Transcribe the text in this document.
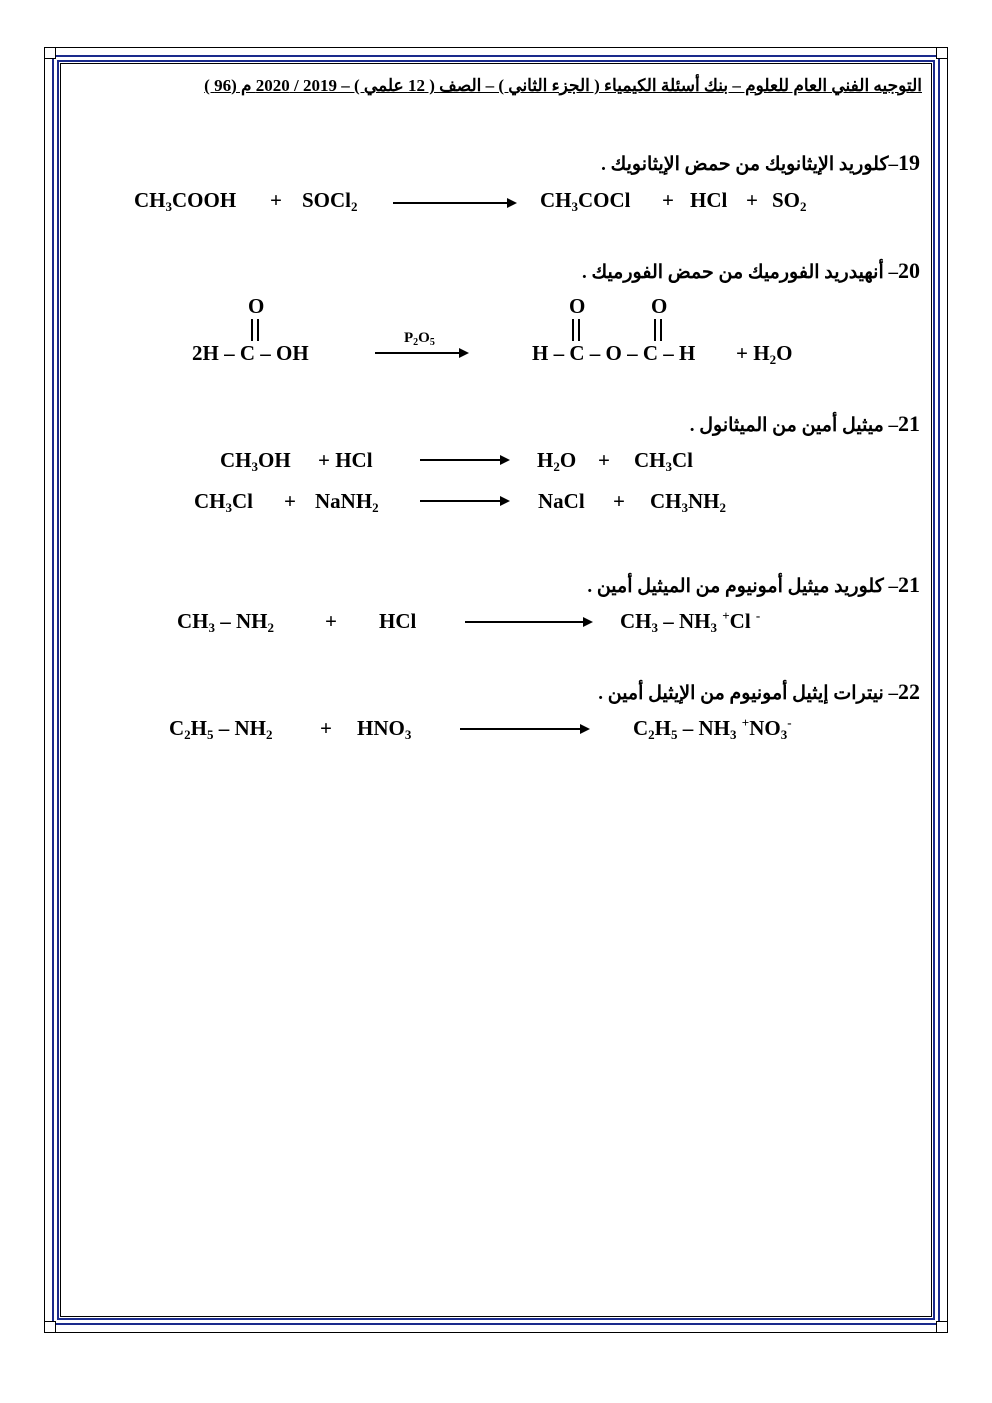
التوجيه الفني العام للعلوم – بنك أسئلة الكيمياء ( الجزء الثاني ) – الصف ( 12 علمي ) – 2019 / 2020 م (96 )
19–كلوريد الإيثانويك من حمض الإيثانويك .
$CH_3COOH$ + SOCl$_2$	$CH_3COCl$ + HCl + $SO_2$
20– أنهيدريد الفورميك من حمض الفورميك .
O
2H – C – OH
$P_2O_5$
O	O
$H - C - O - C - H + H_2O$
21– ميثيل أمين من الميثانول .
$CH_3OH$ + HCl	$H_2O + CH_3Cl$
$CH_3Cl$ + NaNH$_2$	NaCl + $CH_3NH_2$
21– كلوريد ميثيل أمونيوم من الميثيل أمين .
$CH_3 - NH_2$ + HCl	$CH_3 - NH_3$ +Cl -
22– نيترات إيثيل أمونيوم من الإيثيل أمين .
$C_2H_5 - NH_2 + HNO_3$	$C_2H_5 - NH_3$ $^+NO_3^-$
